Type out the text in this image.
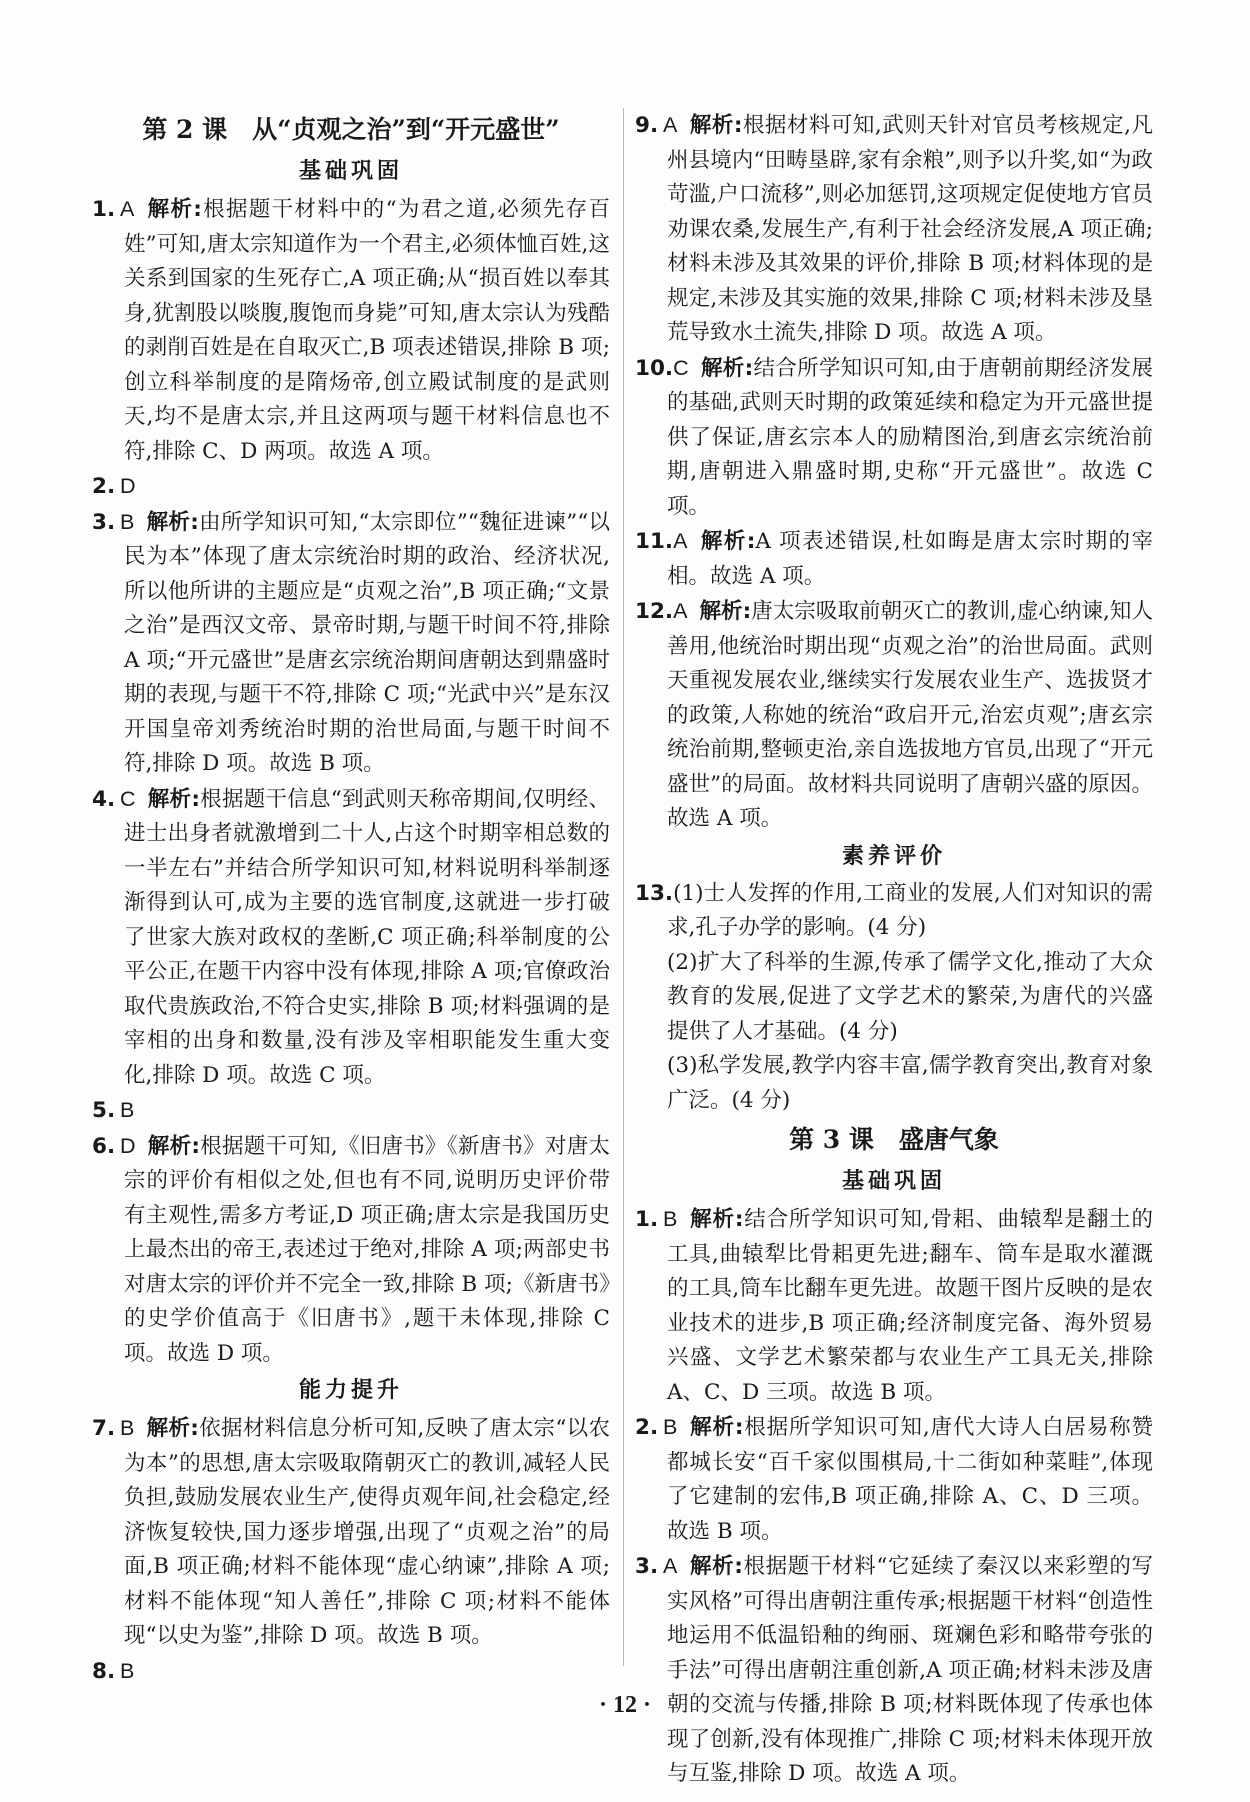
第 2 课　从“贞观之治”到“开元盛世”
基础巩固
1. A 解析:根据题干材料中的“为君之道,必须先存百姓”可知,唐太宗知道作为一个君主,必须体恤百姓,这关系到国家的生死存亡,A 项正确;从“损百姓以奉其身,犹割股以啖腹,腹饱而身毙”可知,唐太宗认为残酷的剥削百姓是在自取灭亡,B 项表述错误,排除 B 项;创立科举制度的是隋炀帝,创立殿试制度的是武则天,均不是唐太宗,并且这两项与题干材料信息也不符,排除 C、D 两项。故选 A 项。
2. D
3. B 解析:由所学知识可知,“太宗即位”“魏征进谏”“以民为本”体现了唐太宗统治时期的政治、经济状况,所以他所讲的主题应是“贞观之治”,B 项正确;“文景之治”是西汉文帝、景帝时期,与题干时间不符,排除 A 项;“开元盛世”是唐玄宗统治期间唐朝达到鼎盛时期的表现,与题干不符,排除 C 项;“光武中兴”是东汉开国皇帝刘秀统治时期的治世局面,与题干时间不符,排除 D 项。故选 B 项。
4. C 解析:根据题干信息“到武则天称帝期间,仅明经、进士出身者就激增到二十人,占这个时期宰相总数的一半左右”并结合所学知识可知,材料说明科举制逐渐得到认可,成为主要的选官制度,这就进一步打破了世家大族对政权的垄断,C 项正确;科举制度的公平公正,在题干内容中没有体现,排除 A 项;官僚政治取代贵族政治,不符合史实,排除 B 项;材料强调的是宰相的出身和数量,没有涉及宰相职能发生重大变化,排除 D 项。故选 C 项。
5. B
6. D 解析:根据题干可知,《旧唐书》《新唐书》对唐太宗的评价有相似之处,但也有不同,说明历史评价带有主观性,需多方考证,D 项正确;唐太宗是我国历史上最杰出的帝王,表述过于绝对,排除 A 项;两部史书对唐太宗的评价并不完全一致,排除 B 项;《新唐书》的史学价值高于《旧唐书》,题干未体现,排除 C 项。故选 D 项。
能力提升
7. B 解析:依据材料信息分析可知,反映了唐太宗“以农为本”的思想,唐太宗吸取隋朝灭亡的教训,减轻人民负担,鼓励发展农业生产,使得贞观年间,社会稳定,经济恢复较快,国力逐步增强,出现了“贞观之治”的局面,B 项正确;材料不能体现“虚心纳谏”,排除 A 项;材料不能体现“知人善任”,排除 C 项;材料不能体现“以史为鉴”,排除 D 项。故选 B 项。
8. B
9. A 解析:根据材料可知,武则天针对官员考核规定,凡州县境内“田畴垦辟,家有余粮”,则予以升奖,如“为政苛滥,户口流移”,则必加惩罚,这项规定促使地方官员劝课农桑,发展生产,有利于社会经济发展,A 项正确;材料未涉及其效果的评价,排除 B 项;材料体现的是规定,未涉及其实施的效果,排除 C 项;材料未涉及垦荒导致水土流失,排除 D 项。故选 A 项。
10.C 解析:结合所学知识可知,由于唐朝前期经济发展的基础,武则天时期的政策延续和稳定为开元盛世提供了保证,唐玄宗本人的励精图治,到唐玄宗统治前期,唐朝进入鼎盛时期,史称“开元盛世”。故选 C 项。
11.A 解析:A 项表述错误,杜如晦是唐太宗时期的宰相。故选 A 项。
12.A 解析:唐太宗吸取前朝灭亡的教训,虚心纳谏,知人善用,他统治时期出现“贞观之治”的治世局面。武则天重视发展农业,继续实行发展农业生产、选拔贤才的政策,人称她的统治“政启开元,治宏贞观”;唐玄宗统治前期,整顿吏治,亲自选拔地方官员,出现了“开元盛世”的局面。故材料共同说明了唐朝兴盛的原因。故选 A 项。
素养评价
13.(1)士人发挥的作用,工商业的发展,人们对知识的需求,孔子办学的影响。(4 分)
(2)扩大了科举的生源,传承了儒学文化,推动了大众教育的发展,促进了文学艺术的繁荣,为唐代的兴盛提供了人才基础。(4 分)
(3)私学发展,教学内容丰富,儒学教育突出,教育对象广泛。(4 分)
第 3 课　盛唐气象
基础巩固
1. B 解析:结合所学知识可知,骨耜、曲辕犁是翻土的工具,曲辕犁比骨耜更先进;翻车、筒车是取水灌溉的工具,筒车比翻车更先进。故题干图片反映的是农业技术的进步,B 项正确;经济制度完备、海外贸易兴盛、文学艺术繁荣都与农业生产工具无关,排除 A、C、D 三项。故选 B 项。
2. B 解析:根据所学知识可知,唐代大诗人白居易称赞都城长安“百千家似围棋局,十二街如种菜畦”,体现了它建制的宏伟,B 项正确,排除 A、C、D 三项。故选 B 项。
3. A 解析:根据题干材料“它延续了秦汉以来彩塑的写实风格”可得出唐朝注重传承;根据题干材料“创造性地运用不低温铅釉的绚丽、斑斓色彩和略带夸张的手法”可得出唐朝注重创新,A 项正确;材料未涉及唐朝的交流与传播,排除 B 项;材料既体现了传承也体现了创新,没有体现推广,排除 C 项;材料未体现开放与互鉴,排除 D 项。故选 A 项。
· 12 ·
